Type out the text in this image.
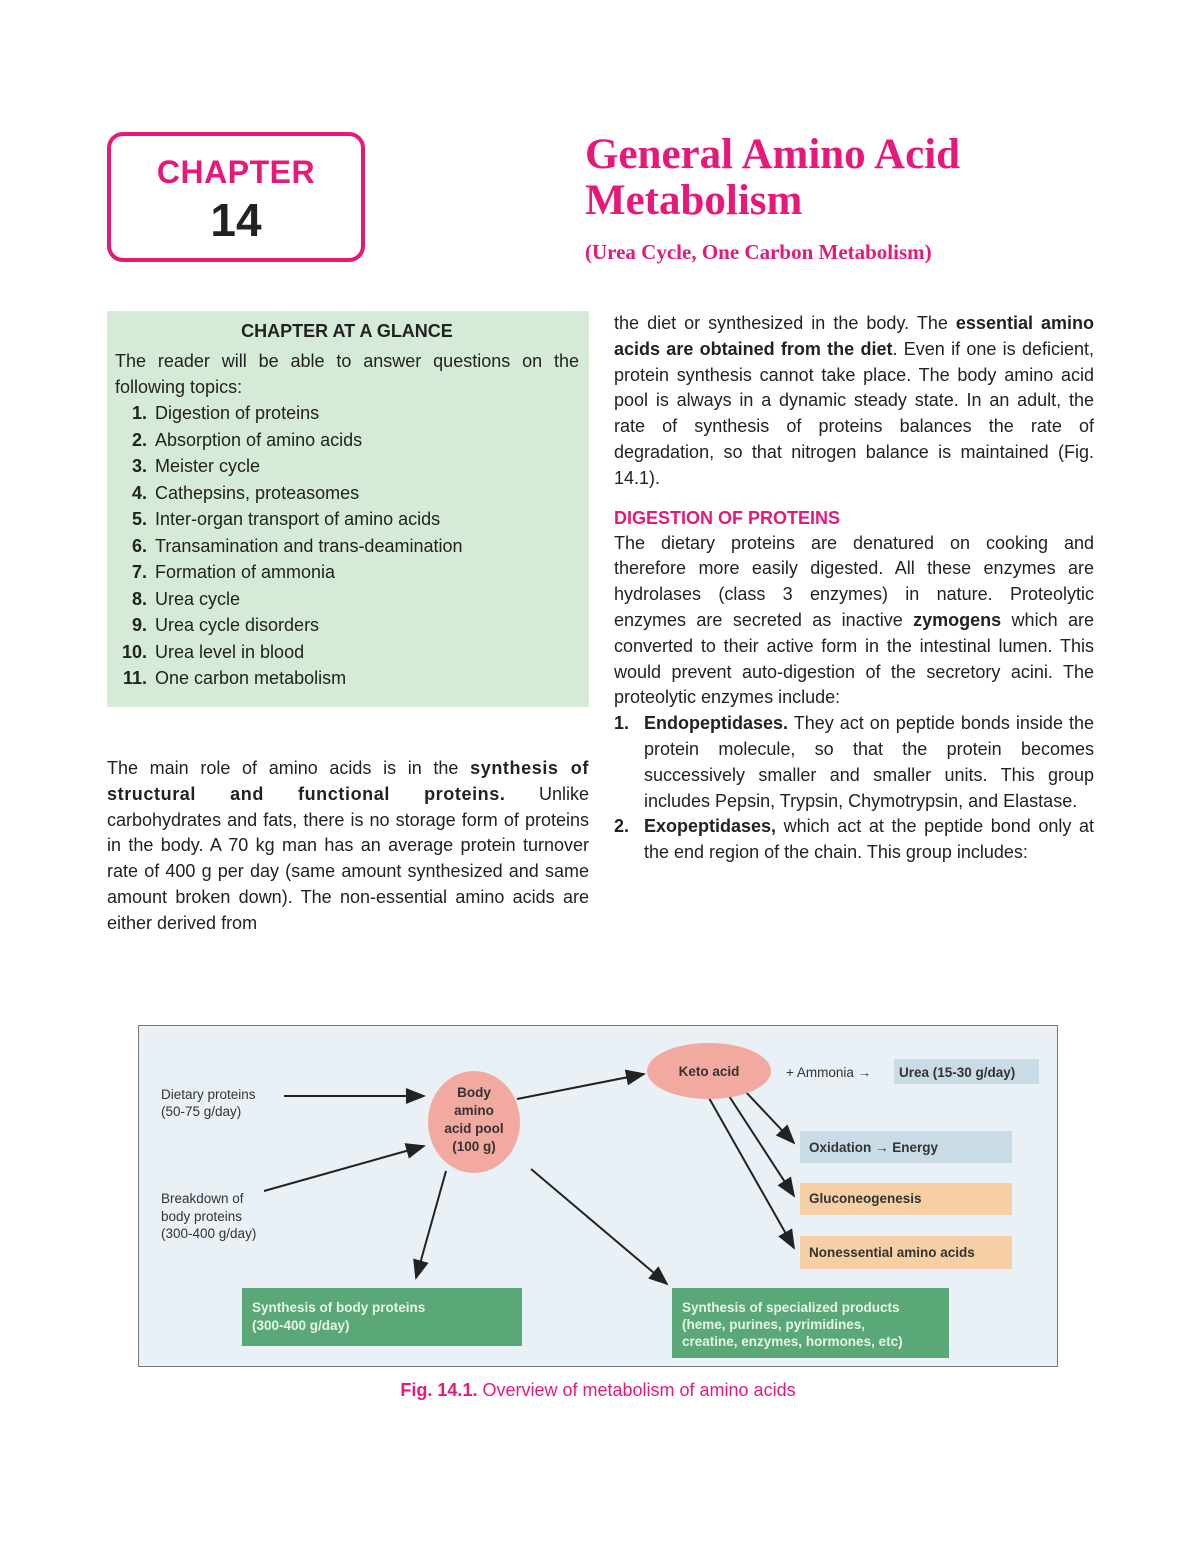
CHAPTER
14
General Amino Acid Metabolism

(Urea Cycle, One Carbon Metabolism)

CHAPTER AT A GLANCE

The reader will be able to answer questions on the following topics:

1. Digestion of proteins
2. Absorption of amino acids
3. Meister cycle
4. Cathepsins, proteasomes
5. Inter-organ transport of amino acids
6. Transamination and trans-deamination
7. Formation of ammonia
8. Urea cycle
9. Urea cycle disorders
10. Urea level in blood
11. One carbon metabolism

The main role of amino acids is in the synthesis of structural and functional proteins. Unlike carbohydrates and fats, there is no storage form of proteins in the body. A 70 kg man has an average protein turnover rate of 400 g per day (same amount synthesized and same amount broken down). The non-essential amino acids are either derived from

the diet or synthesized in the body. The essential amino acids are obtained from the diet. Even if one is deficient, protein synthesis cannot take place. The body amino acid pool is always in a dynamic steady state. In an adult, the rate of synthesis of proteins balances the rate of degradation, so that nitrogen balance is maintained (Fig. 14.1).

DIGESTION OF PROTEINS

The dietary proteins are denatured on cooking and therefore more easily digested. All these enzymes are hydrolases (class 3 enzymes) in nature. Proteolytic enzymes are secreted as inactive zymogens which are converted to their active form in the intestinal lumen. This would prevent auto-digestion of the secretory acini. The proteolytic enzymes include:

1. Endopeptidases. They act on peptide bonds inside the protein molecule, so that the protein becomes successively smaller and smaller units. This group includes Pepsin, Trypsin, Chymotrypsin, and Elastase.
2. Exopeptidases, which act at the peptide bond only at the end region of the chain. This group includes:
Dietary proteins
(50-75 g/day)
Breakdown of
body proteins
(300-400 g/day)
Body
amino
acid pool
(100 g)
Keto acid	+ Ammonia → Urea (15-30 g/day)
Oxidation → Energy
Gluconeogenesis
Nonessential amino acids
Synthesis of body proteins
(300-400 g/day)
Synthesis of specialized products
(heme, purines, pyrimidines,
creatine, enzymes, hormones, etc)

Fig. 14.1. Overview of metabolism of amino acids
